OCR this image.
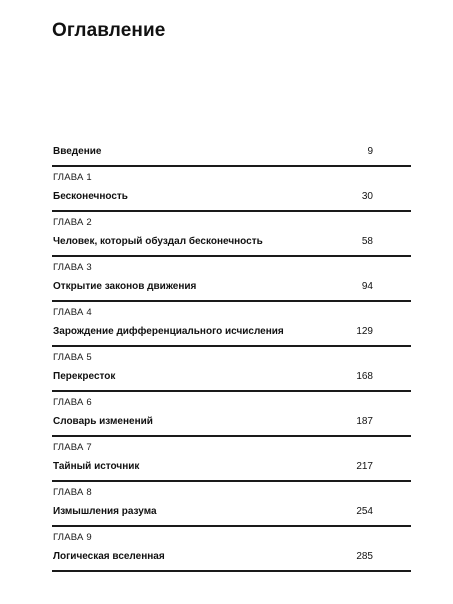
Оглавление
Введение	9
ГЛАВА 1
Бесконечность	30
ГЛАВА 2
Человек, который обуздал бесконечность	58
ГЛАВА 3
Открытие законов движения	94
ГЛАВА 4
Зарождение дифференциального исчисления	129
ГЛАВА 5
Перекресток	168
ГЛАВА 6
Словарь изменений	187
ГЛАВА 7
Тайный источник	217
ГЛАВА 8
Измышления разума	254
ГЛАВА 9
Логическая вселенная	285
